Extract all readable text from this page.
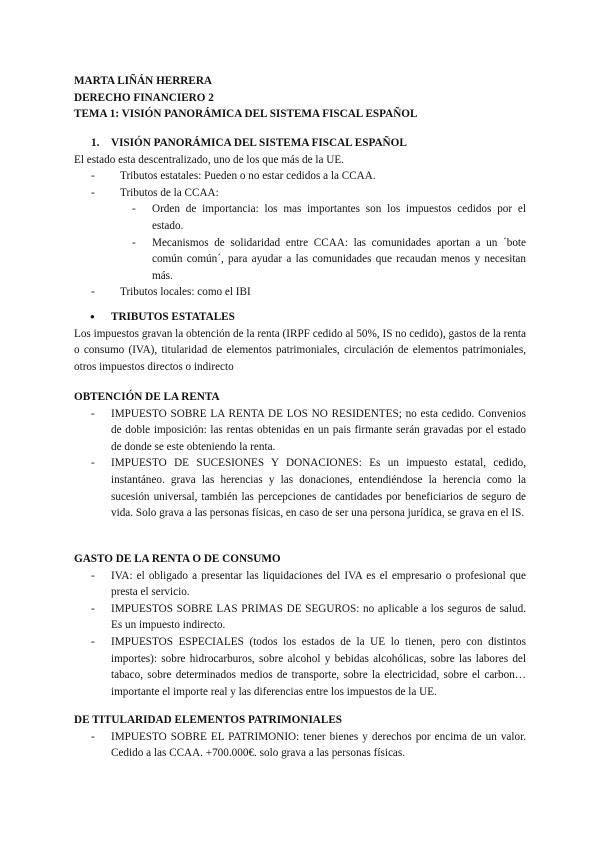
MARTA LIÑÁN HERRERA
DERECHO FINANCIERO 2
TEMA 1: VISIÓN PANORÁMICA DEL SISTEMA FISCAL ESPAÑOL
1. VISIÓN PANORÁMICA DEL SISTEMA FISCAL ESPAÑOL

El estado esta descentralizado, uno de los que más de la UE.

- Tributos estatales: Pueden o no estar cedidos a la CCAA.
- Tributos de la CCAA:
- Orden de importancia: los mas importantes son los impuestos cedidos por el estado.
- Mecanismos de solidaridad entre CCAA: las comunidades aportan a un ´bote común común´, para ayudar a las comunidades que recaudan menos y necesitan más.
- Tributos locales: como el IBI
● TRIBUTOS ESTATALES

Los impuestos gravan la obtención de la renta (IRPF cedido al 50%, IS no cedido), gastos de la renta o consumo (IVA), titularidad de elementos patrimoniales, circulación de elementos patrimoniales, otros impuestos directos o indirecto

OBTENCIÓN DE LA RENTA
- IMPUESTO SOBRE LA RENTA DE LOS NO RESIDENTES; no esta cedido. Convenios de doble imposición: las rentas obtenidas en un pais firmante serán gravadas por el estado de donde se este obteniendo la renta.
- IMPUESTO DE SUCESIONES Y DONACIONES: Es un impuesto estatal, cedido, instantáneo. grava las herencias y las donaciones, entendiéndose la herencia como la sucesión universal, también las percepciones de cantidades por beneficiarios de seguro de vida. Solo grava a las personas físicas, en caso de ser una persona jurídica, se grava en el IS.
GASTO DE LA RENTA O DE CONSUMO
- IVA: el obligado a presentar las liquidaciones del IVA es el empresario o profesional que presta el servicio.
- IMPUESTOS SOBRE LAS PRIMAS DE SEGUROS: no aplicable a los seguros de salud. Es un impuesto indirecto.
- IMPUESTOS ESPECIALES (todos los estados de la UE lo tienen, pero con distintos importes): sobre hidrocarburos, sobre alcohol y bebidas alcohólicas, sobre las labores del tabaco, sobre determinados medios de transporte, sobre la electricidad, sobre el carbon… importante el importe real y las diferencias entre los impuestos de la UE.
DE TITULARIDAD ELEMENTOS PATRIMONIALES
- IMPUESTO SOBRE EL PATRIMONIO: tener bienes y derechos por encima de un valor. Cedido a las CCAA. +700.000€. solo grava a las personas físicas.
